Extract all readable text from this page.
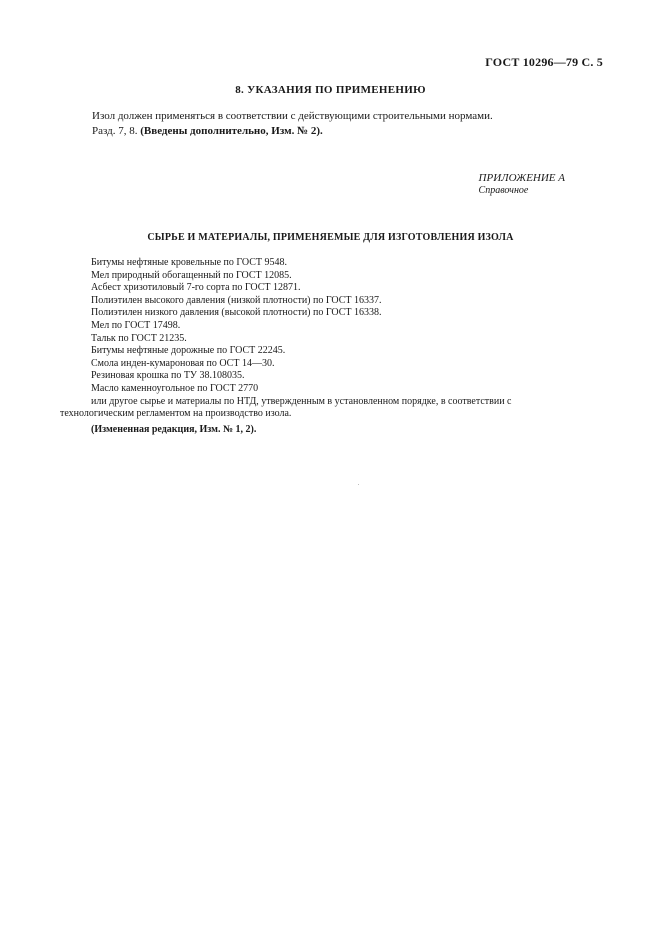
ГОСТ 10296—79 С. 5
8. УКАЗАНИЯ ПО ПРИМЕНЕНИЮ

Изол должен применяться в соответствии с действующими строительными нормами.

Разд. 7, 8. (Введены дополнительно, Изм. № 2).

ПРИЛОЖЕНИЕ А
Справочное
СЫРЬЕ И МАТЕРИАЛЫ, ПРИМЕНЯЕМЫЕ ДЛЯ ИЗГОТОВЛЕНИЯ ИЗОЛА

Битумы нефтяные кровельные по ГОСТ 9548.

Мел природный обогащенный по ГОСТ 12085.

Асбест хризотиловый 7-го сорта по ГОСТ 12871.

Полиэтилен высокого давления (низкой плотности) по ГОСТ 16337.

Полиэтилен низкого давления (высокой плотности) по ГОСТ 16338.

Мел по ГОСТ 17498.

Тальк по ГОСТ 21235.

Битумы нефтяные дорожные по ГОСТ 22245.

Смола инден-кумароновая по ОСТ 14—30.

Резиновая крошка по ТУ 38.108035.

Масло каменноугольное по ГОСТ 2770

или другое сырье и материалы по НТД, утвержденным в установленном порядке, в соответствии с

технологическим регламентом на производство изола.

(Измененная редакция, Изм. № 1, 2).
